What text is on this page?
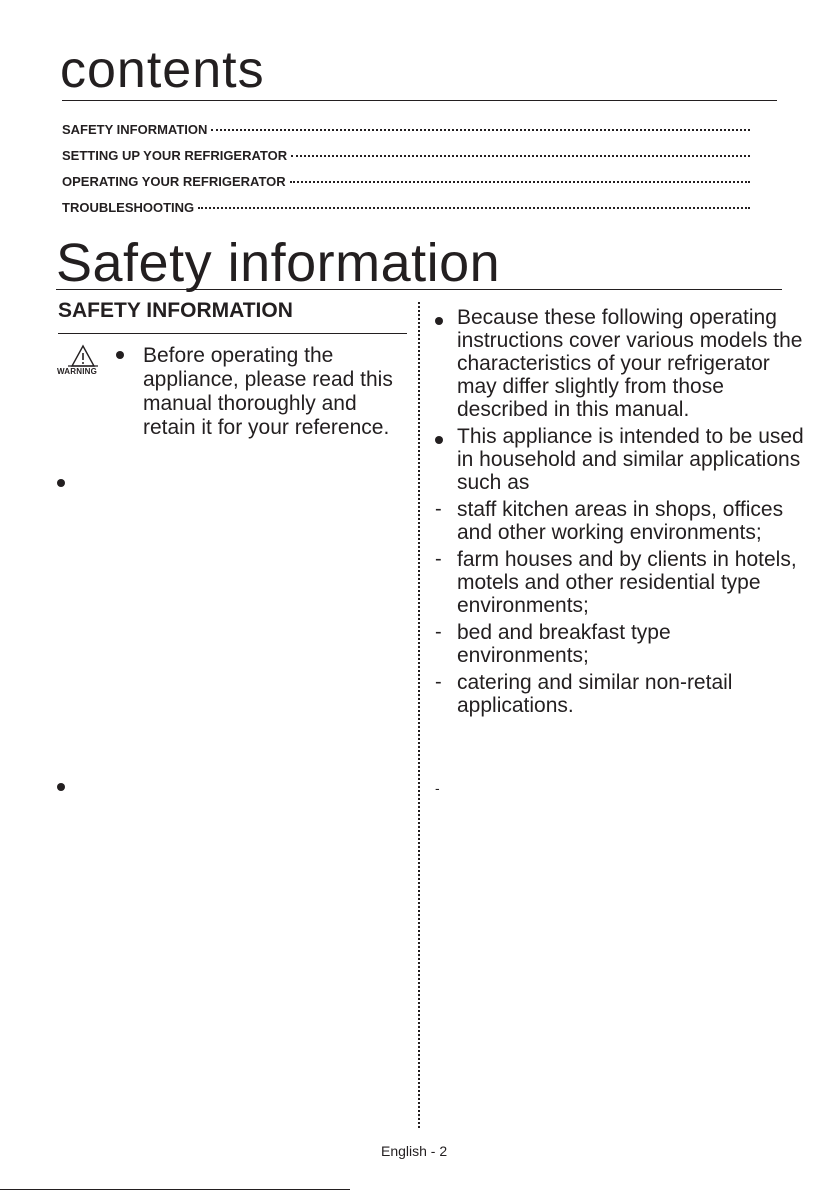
contents
SAFETY INFORMATION
SETTING UP YOUR REFRIGERATOR
OPERATING YOUR REFRIGERATOR
TROUBLESHOOTING
Safety information
SAFETY INFORMATION
WARNING
Before operating the appliance, please read this manual thoroughly and retain it for your reference.
Because these following operating instructions cover various models the characteristics of your refrigerator may differ slightly from those described in this manual.
This appliance is intended to be used in household and similar applications such as
- staff kitchen areas in shops, offices and other working environments;
- farm houses and by clients in hotels, motels and other residential type environments;
- bed and breakfast type environments;
- catering and similar non-retail applications.
-
English - 2
